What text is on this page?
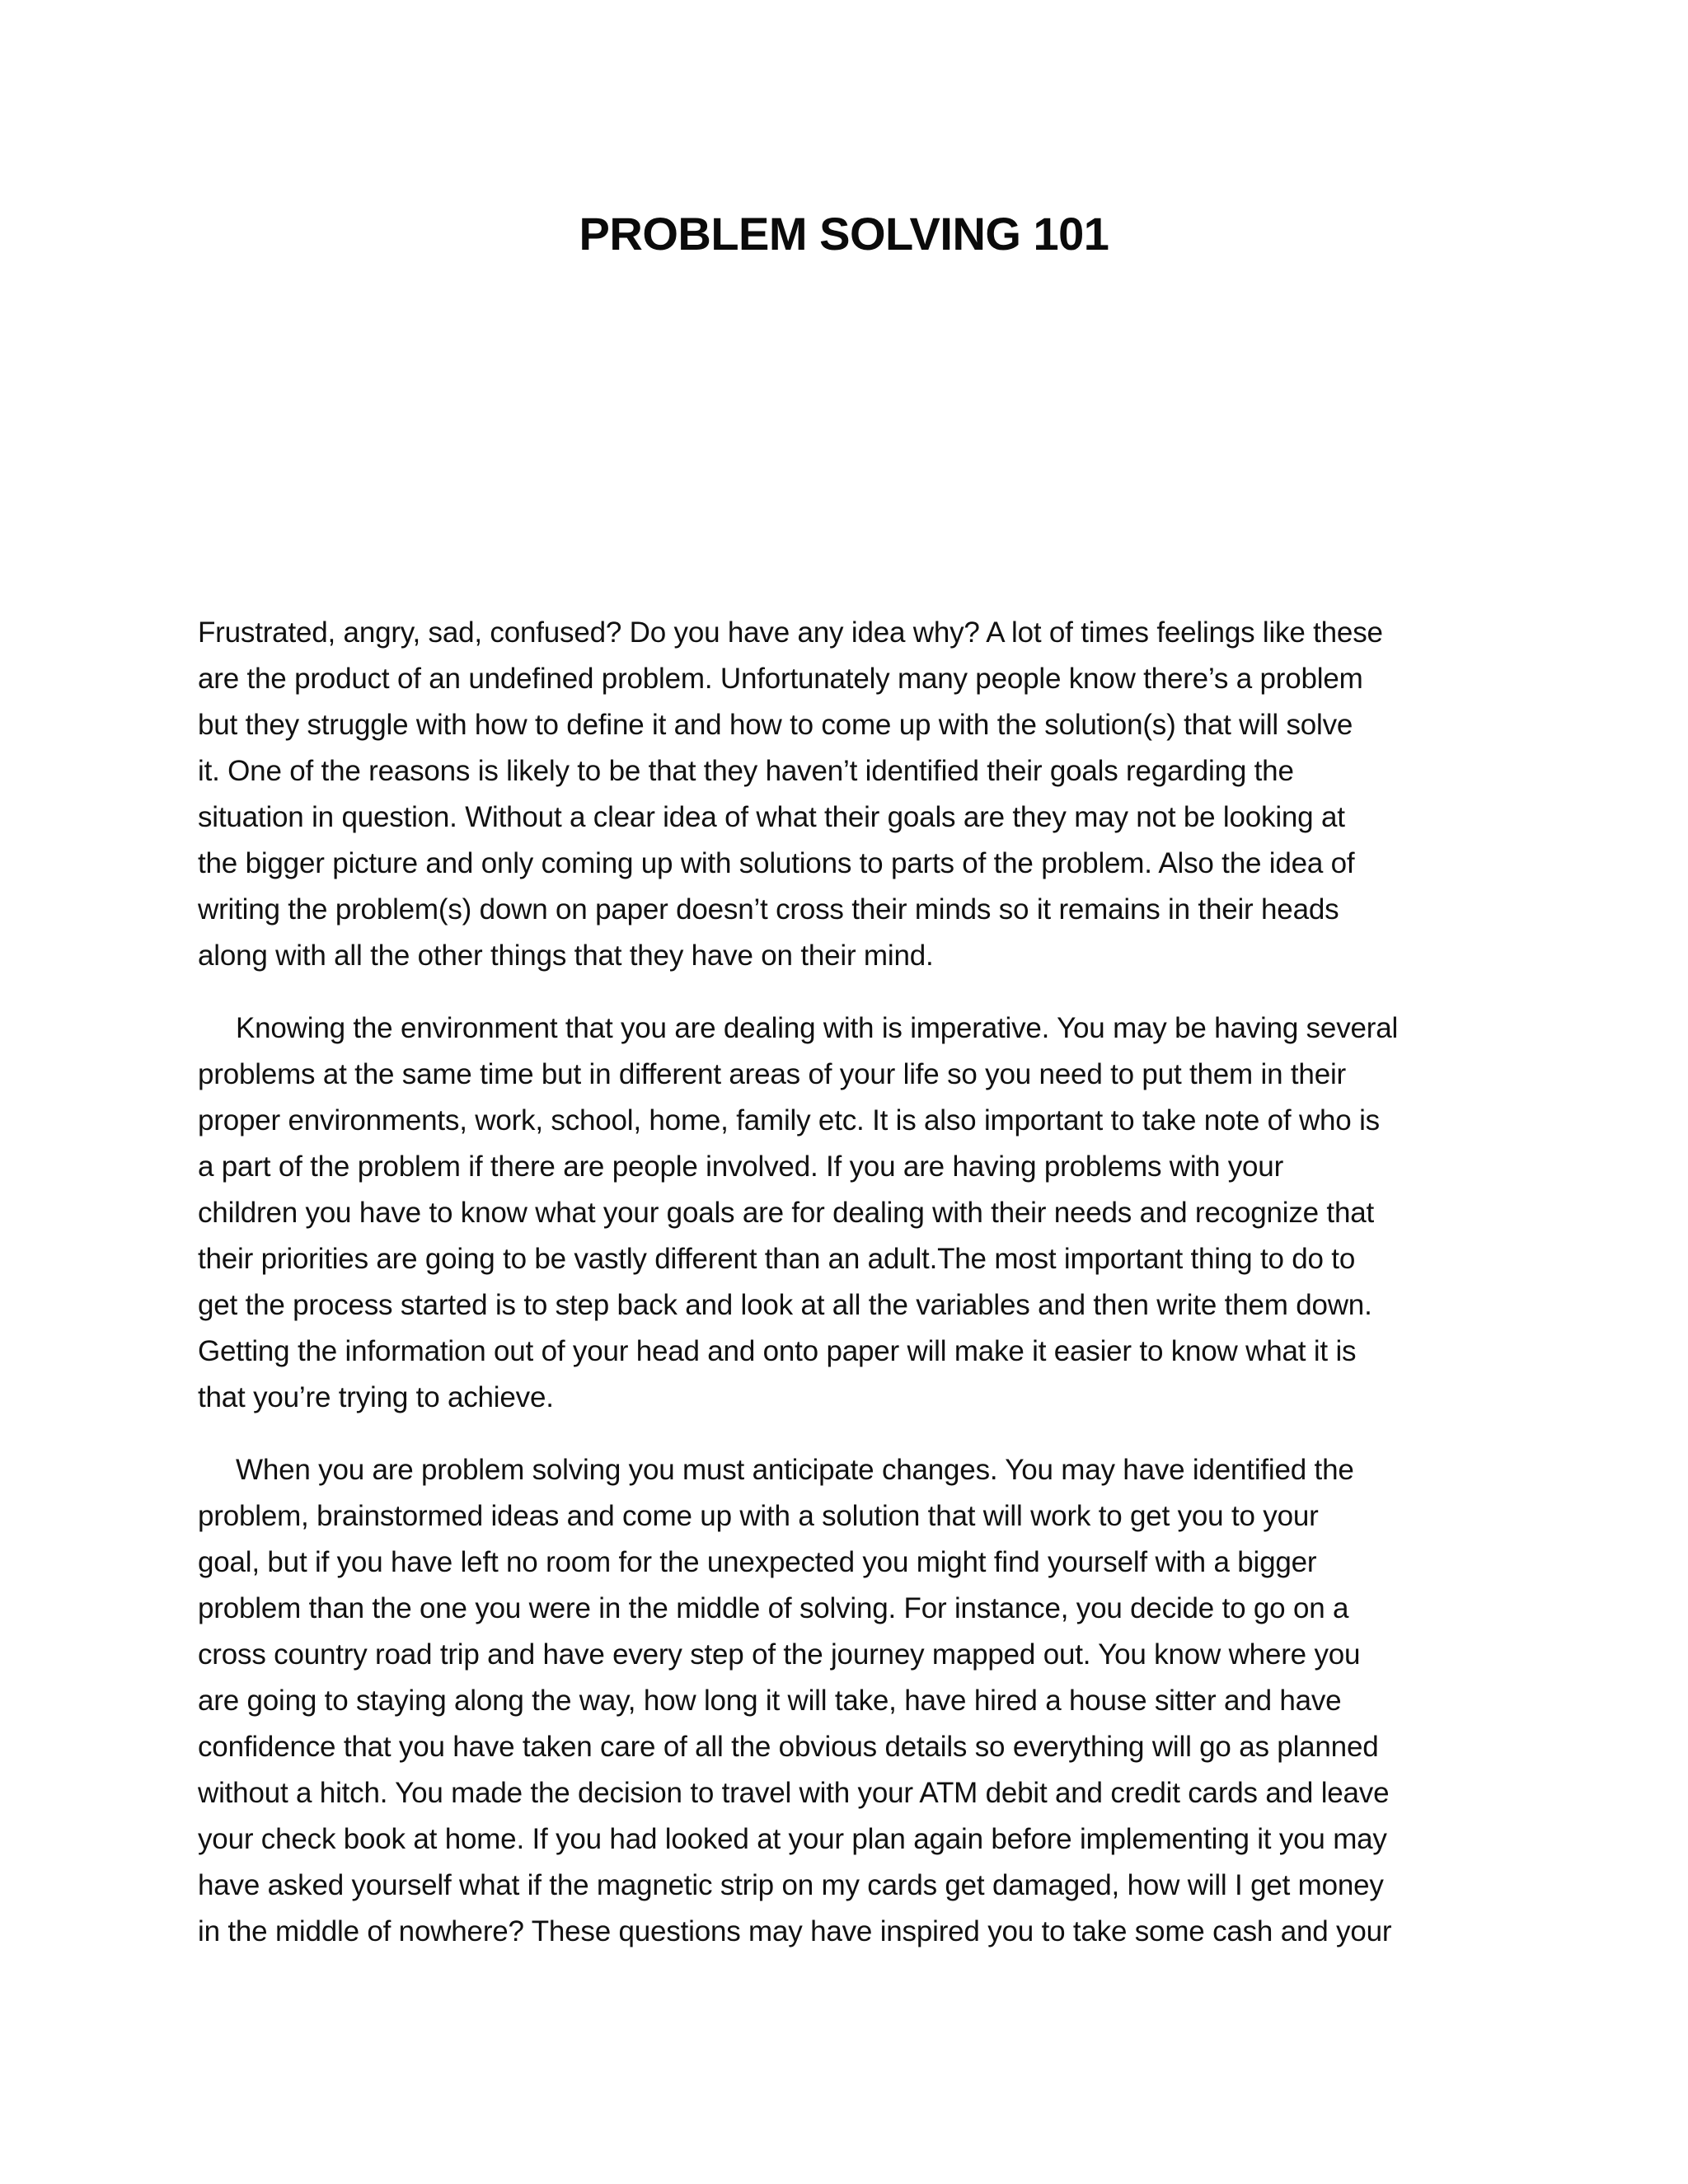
PROBLEM SOLVING 101
Frustrated, angry, sad, confused? Do you have any idea why? A lot of times feelings like these
are the product of an undefined problem. Unfortunately many people know there’s a problem
but they struggle with how to define it and how to come up with the solution(s) that will solve
it. One of the reasons is likely to be that they haven’t identified their goals regarding the
situation in question. Without a clear idea of what their goals are they may not be looking at
the bigger picture and only coming up with solutions to parts of the problem. Also the idea of
writing the problem(s) down on paper doesn’t cross their minds so it remains in their heads
along with all the other things that they have on their mind.
Knowing the environment that you are dealing with is imperative. You may be having several
problems at the same time but in different areas of your life so you need to put them in their
proper environments, work, school, home, family etc. It is also important to take note of who is
a part of the problem if there are people involved. If you are having problems with your
children you have to know what your goals are for dealing with their needs and recognize that
their priorities are going to be vastly different than an adult.The most important thing to do to
get the process started is to step back and look at all the variables and then write them down.
Getting the information out of your head and onto paper will make it easier to know what it is
that you’re trying to achieve.
When you are problem solving you must anticipate changes. You may have identified the
problem, brainstormed ideas and come up with a solution that will work to get you to your
goal, but if you have left no room for the unexpected you might find yourself with a bigger
problem than the one you were in the middle of solving. For instance, you decide to go on a
cross country road trip and have every step of the journey mapped out. You know where you
are going to staying along the way, how long it will take, have hired a house sitter and have
confidence that you have taken care of all the obvious details so everything will go as planned
without a hitch. You made the decision to travel with your ATM debit and credit cards and leave
your check book at home. If you had looked at your plan again before implementing it you may
have asked yourself what if the magnetic strip on my cards get damaged, how will I get money
in the middle of nowhere? These questions may have inspired you to take some cash and your
